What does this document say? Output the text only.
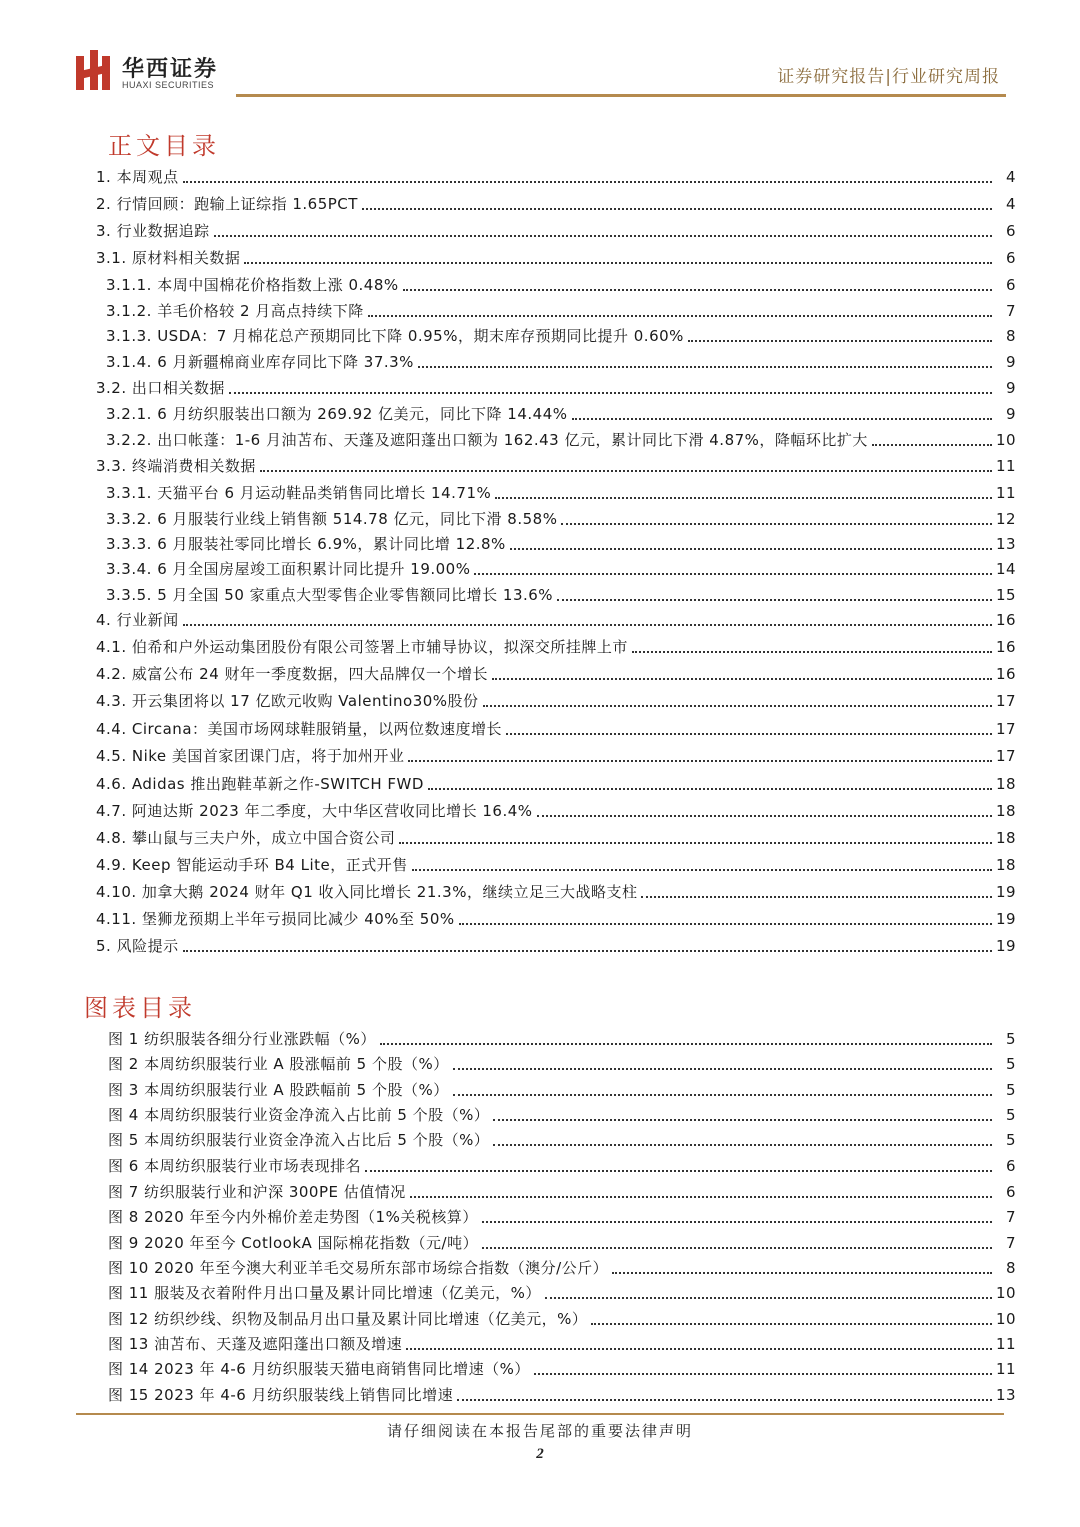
华西证券
HUAXI SECURITIES	证券研究报告|行业研究周报
正文目录
1. 本周观点	4
2. 行情回顾：跑输上证综指 1.65PCT	4
3. 行业数据追踪	6
3.1. 原材料相关数据	6
3.1.1. 本周中国棉花价格指数上涨 0.48%	6
3.1.2. 羊毛价格较 2 月高点持续下降	7
3.1.3. USDA：7 月棉花总产预期同比下降 0.95%，期末库存预期同比提升 0.60%	8
3.1.4. 6 月新疆棉商业库存同比下降 37.3%	9
3.2. 出口相关数据	9
3.2.1. 6 月纺织服装出口额为 269.92 亿美元，同比下降 14.44%	9
3.2.2. 出口帐蓬：1-6 月油苫布、天蓬及遮阳蓬出口额为 162.43 亿元，累计同比下滑 4.87%，降幅环比扩大	10
3.3. 终端消费相关数据	11
3.3.1. 天猫平台 6 月运动鞋品类销售同比增长 14.71%	11
3.3.2. 6 月服装行业线上销售额 514.78 亿元，同比下滑 8.58%	12
3.3.3. 6 月服装社零同比增长 6.9%，累计同比增 12.8%	13
3.3.4. 6 月全国房屋竣工面积累计同比提升 19.00%	14
3.3.5. 5 月全国 50 家重点大型零售企业零售额同比增长 13.6%	15
4. 行业新闻	16
4.1. 伯希和户外运动集团股份有限公司签署上市辅导协议，拟深交所挂牌上市	16
4.2. 威富公布 24 财年一季度数据，四大品牌仅一个增长	16
4.3. 开云集团将以 17 亿欧元收购 Valentino30%股份	17
4.4. Circana：美国市场网球鞋服销量，以两位数速度增长	17
4.5. Nike 美国首家团课门店，将于加州开业	17
4.6. Adidas 推出跑鞋革新之作-SWITCH FWD	18
4.7. 阿迪达斯 2023 年二季度，大中华区营收同比增长 16.4%	18
4.8. 攀山鼠与三夫户外，成立中国合资公司	18
4.9. Keep 智能运动手环 B4 Lite，正式开售	18
4.10. 加拿大鹅 2024 财年 Q1 收入同比增长 21.3%，继续立足三大战略支柱	19
4.11. 堡狮龙预期上半年亏损同比减少 40%至 50%	19
5. 风险提示	19
图表目录
图 1 纺织服装各细分行业涨跌幅（%）	5
图 2 本周纺织服装行业 A 股涨幅前 5 个股（%）	5
图 3 本周纺织服装行业 A 股跌幅前 5 个股（%）	5
图 4 本周纺织服装行业资金净流入占比前 5 个股（%）	5
图 5 本周纺织服装行业资金净流入占比后 5 个股（%）	5
图 6 本周纺织服装行业市场表现排名	6
图 7 纺织服装行业和沪深 300PE 估值情况	6
图 8 2020 年至今内外棉价差走势图（1%关税核算）	7
图 9 2020 年至今 CotlookA 国际棉花指数（元/吨）	7
图 10 2020 年至今澳大利亚羊毛交易所东部市场综合指数（澳分/公斤）	8
图 11 服装及衣着附件月出口量及累计同比增速（亿美元，%）	10
图 12 纺织纱线、织物及制品月出口量及累计同比增速（亿美元，%）	10
图 13 油苫布、天蓬及遮阳蓬出口额及增速	11
图 14 2023 年 4-6 月纺织服装天猫电商销售同比增速（%）	11
图 15 2023 年 4-6 月纺织服装线上销售同比增速	13
请仔细阅读在本报告尾部的重要法律声明
2
